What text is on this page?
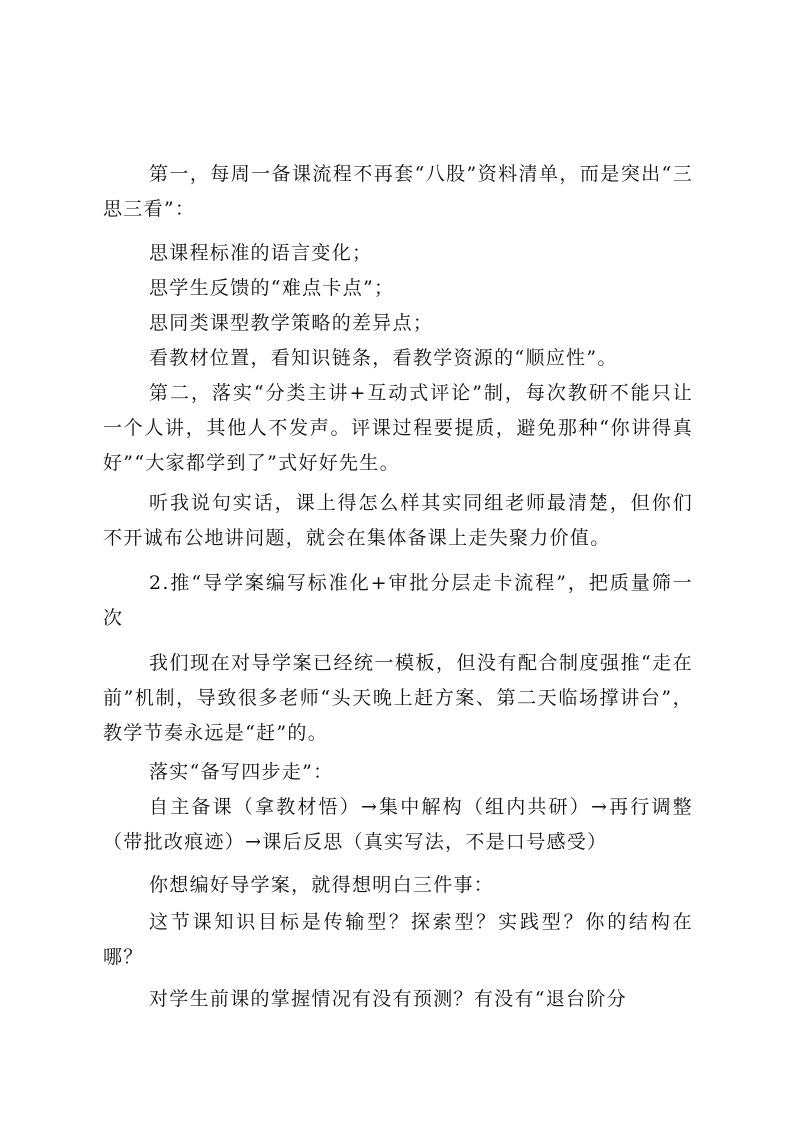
第一，每周一备课流程不再套“八股”资料清单，而是突出“三思三看”：

思课程标准的语言变化；

思学生反馈的“难点卡点”；

思同类课型教学策略的差异点；

看教材位置，看知识链条，看教学资源的“顺应性”。

第二，落实“分类主讲+互动式评论”制，每次教研不能只让一个人讲，其他人不发声。评课过程要提质，避免那种“你讲得真好”“大家都学到了”式好好先生。

听我说句实话，课上得怎么样其实同组老师最清楚，但你们不开诚布公地讲问题，就会在集体备课上走失聚力价值。

2.推“导学案编写标准化+审批分层走卡流程”，把质量筛一次

我们现在对导学案已经统一模板，但没有配合制度强推“走在前”机制，导致很多老师“头天晚上赶方案、第二天临场撑讲台”，教学节奏永远是“赶”的。

落实“备写四步走”：

自主备课（拿教材悟）→集中解构（组内共研）→再行调整（带批改痕迹）→课后反思（真实写法，不是口号感受）

你想编好导学案，就得想明白三件事：

这节课知识目标是传输型？探索型？实践型？你的结构在哪？

对学生前课的掌握情况有没有预测？有没有“退台阶分
